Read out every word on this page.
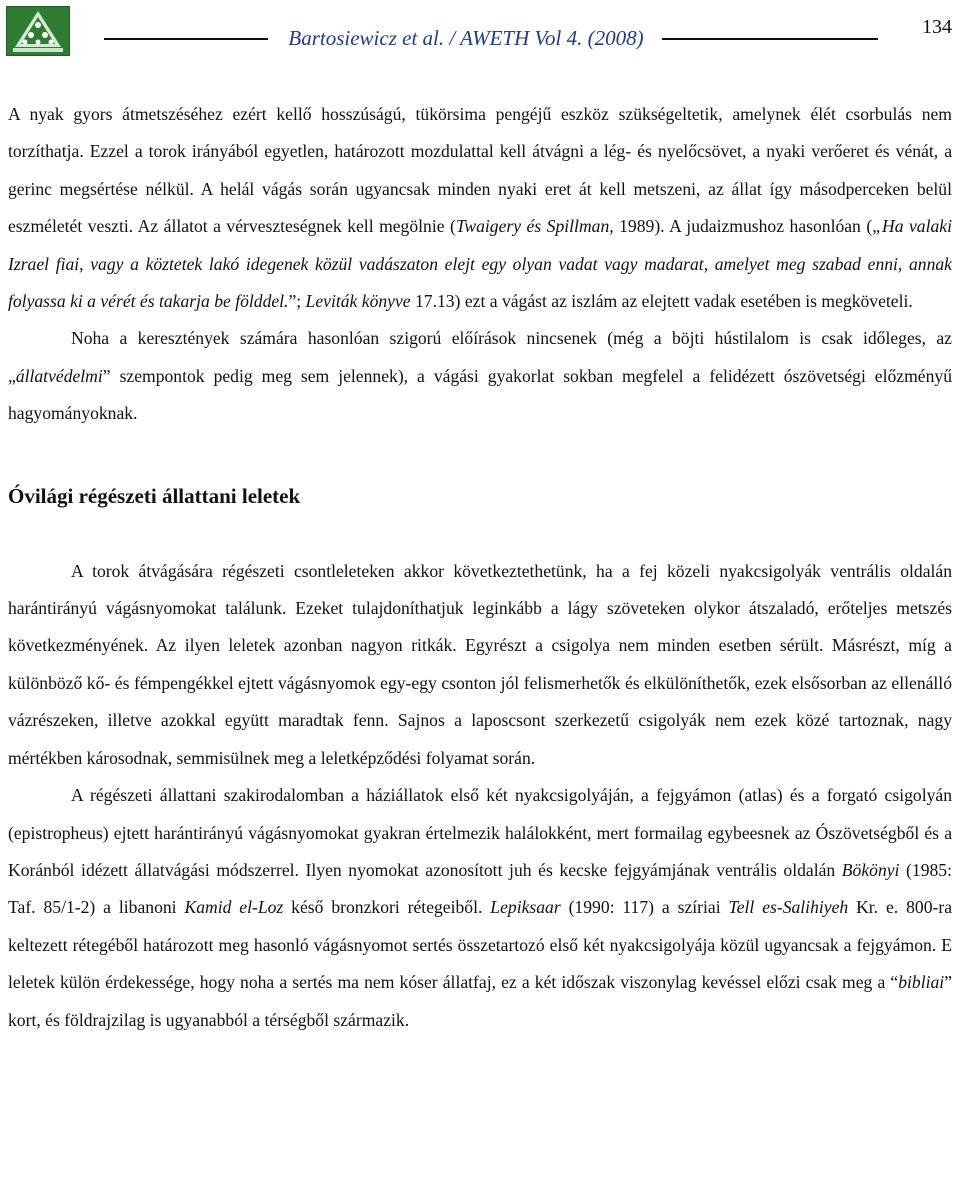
Bartosiewicz et al. / AWETH Vol 4. (2008)	134

A nyak gyors átmetszéséhez ezért kellő hosszúságú, tükörsima pengéjű eszköz szükségeltetik, amelynek élét csorbulás nem torzíthatja. Ezzel a torok irányából egyetlen, határozott mozdulattal kell átvágni a lég- és nyelőcsövet, a nyaki verőeret és vénát, a gerinc megsértése nélkül. A helál vágás során ugyancsak minden nyaki eret át kell metszeni, az állat így másodperceken belül eszméletét veszti. Az állatot a vérveszteségnek kell megölnie (Twaigery és Spillman, 1989). A judaizmushoz hasonlóan („Ha valaki Izrael fiai, vagy a köztetek lakó idegenek közül vadászaton elejt egy olyan vadat vagy madarat, amelyet meg szabad enni, annak folyassa ki a vérét és takarja be földdel.”; Leviták könyve 17.13) ezt a vágást az iszlám az elejtett vadak esetében is megköveteli.

Noha a keresztények számára hasonlóan szigorú előírások nincsenek (még a böjti hústilalom is csak időleges, az „állatvédelmi” szempontok pedig meg sem jelennek), a vágási gyakorlat sokban megfelel a felidézett ószövetségi előzményű hagyományoknak.

Óvilági régészeti állattani leletek

A torok átvágására régészeti csontleleteken akkor következtethetünk, ha a fej közeli nyakcsigolyák ventrális oldalán harántirányú vágásnyomokat találunk. Ezeket tulajdoníthatjuk leginkább a lágy szöveteken olykor átszaladó, erőteljes metszés következményének. Az ilyen leletek azonban nagyon ritkák. Egyrészt a csigolya nem minden esetben sérült. Másrészt, míg a különböző kő- és fémpengékkel ejtett vágásnyomok egy-egy csonton jól felismerhetők és elkülöníthetők, ezek elsősorban az ellenálló vázrészeken, illetve azokkal együtt maradtak fenn. Sajnos a laposcsont szerkezetű csigolyák nem ezek közé tartoznak, nagy mértékben károsodnak, semmisülnek meg a leletképződési folyamat során.

A régészeti állattani szakirodalomban a háziállatok első két nyakcsigolyáján, a fejgyámon (atlas) és a forgató csigolyán (epistropheus) ejtett harántirányú vágásnyomokat gyakran értelmezik halálokként, mert formailag egybeesnek az Ószövetségből és a Koránból idézett állatvágási módszerrel. Ilyen nyomokat azonosított juh és kecske fejgyámjának ventrális oldalán Bökönyi (1985: Taf. 85/1-2) a libanoni Kamid el-Loz késő bronzkori rétegeiből. Lepiksaar (1990: 117) a szíriai Tell es-Salihiyeh Kr. e. 800-ra keltezett rétegéből határozott meg hasonló vágásnyomot sertés összetartozó első két nyakcsigolyája közül ugyancsak a fejgyámon. E leletek külön érdekessége, hogy noha a sertés ma nem kóser állatfaj, ez a két időszak viszonylag kevéssel előzi csak meg a “bibliai” kort, és földrajzilag is ugyanabból a térségből származik.
